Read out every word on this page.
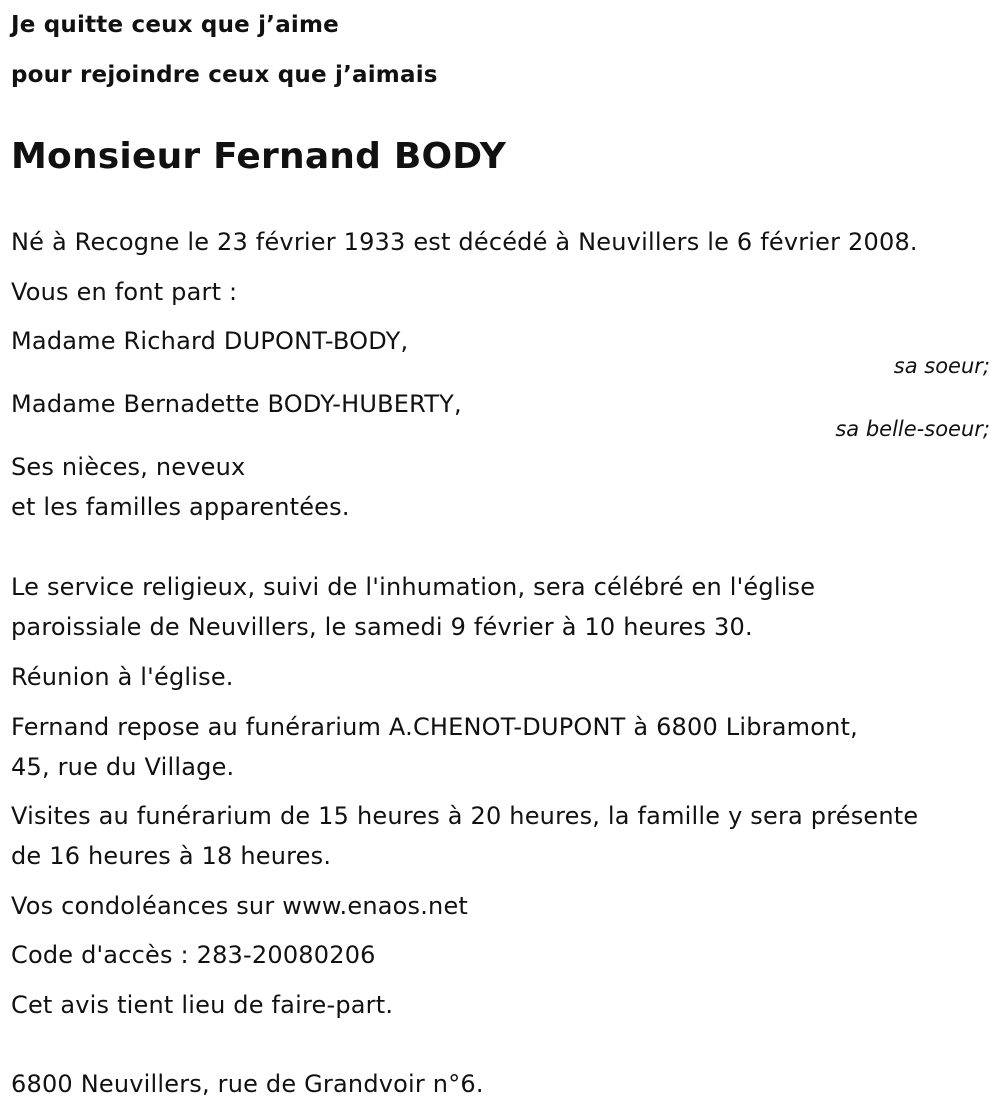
Je quitte ceux que j’aime
pour rejoindre ceux que j’aimais
Monsieur Fernand BODY
Né à Recogne le 23 février 1933 est décédé à Neuvillers le 6 février 2008.
Vous en font part :
Madame Richard DUPONT-BODY,
sa soeur;
Madame Bernadette BODY-HUBERTY,
sa belle-soeur;
Ses nièces, neveux
et les familles apparentées.
Le service religieux, suivi de l'inhumation, sera célébré en l'église
paroissiale de Neuvillers, le samedi 9 février à 10 heures 30.
Réunion à l'église.
Fernand repose au funérarium A.CHENOT-DUPONT à 6800 Libramont,
45, rue du Village.
Visites au funérarium de 15 heures à 20 heures, la famille y sera présente
de 16 heures à 18 heures.
Vos condoléances sur www.enaos.net
Code d'accès : 283-20080206
Cet avis tient lieu de faire-part.
6800 Neuvillers, rue de Grandvoir n°6.
